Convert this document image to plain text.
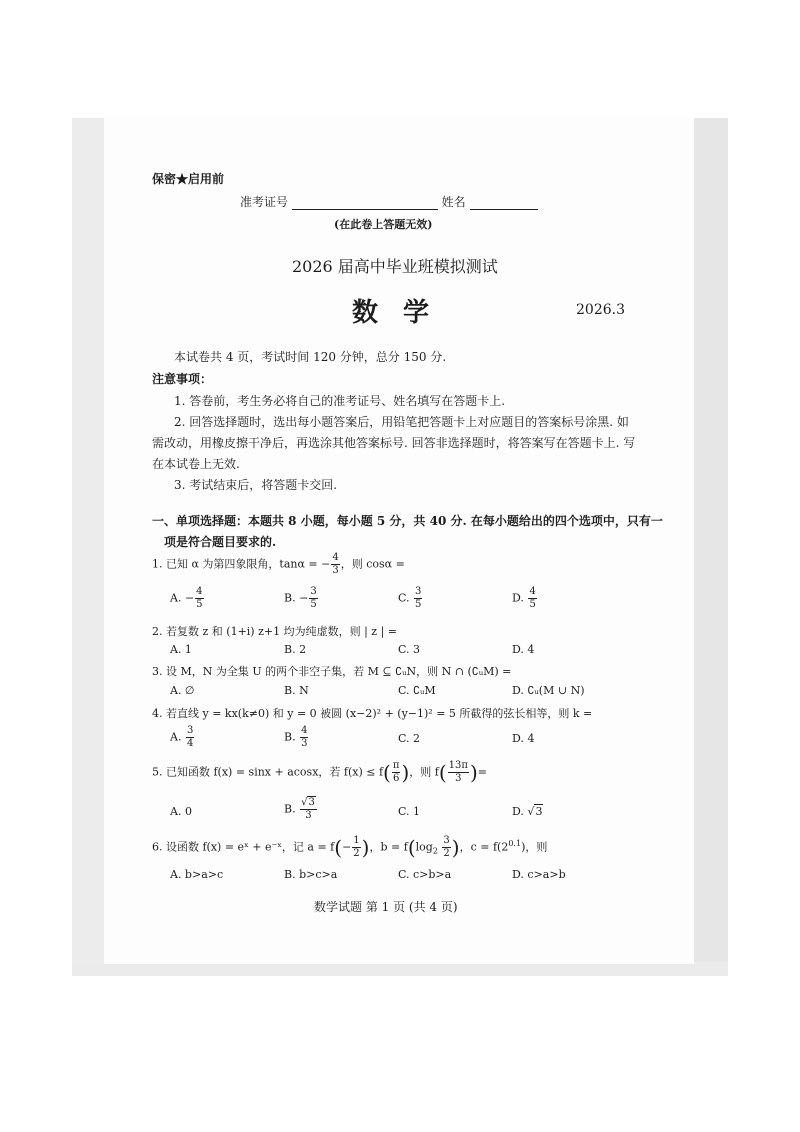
保密★启用前
准考证号	姓名
(在此卷上答题无效)
2026 届高中毕业班模拟测试
数 学	2026.3
本试卷共 4 页，考试时间 120 分钟，总分 150 分.
注意事项：
1. 答卷前，考生务必将自己的准考证号、姓名填写在答题卡上.
2. 回答选择题时，选出每小题答案后，用铅笔把答题卡上对应题目的答案标号涂黑. 如
需改动，用橡皮擦干净后，再选涂其他答案标号. 回答非选择题时，将答案写在答题卡上. 写
在本试卷上无效.
3. 考试结束后，将答题卡交回.
一、单项选择题：本题共 8 小题，每小题 5 分，共 40 分. 在每小题给出的四个选项中，只有一
项是符合题目要求的.
1. 已知 α 为第四象限角，tanα = − $\frac{4}{3}$ ，则 cosα =
A. − $\frac{4}{5}$	B. − $\frac{3}{5}$	C. $\frac{3}{5}$	D. $\frac{4}{5}$
2. 若复数 z 和 (1+i) z+1 均为纯虚数，则 | z | =
A. 1	B. 2	C. 3	D. 4
3. 设 M，N 为全集 U 的两个非空子集，若 M ⊆ ∁ᵤN，则 N ∩ (∁ᵤM) =
A. ∅	B. N	C. ∁ᵤM	D. ∁ᵤ(M ∪ N)
4. 若直线 y = kx(k≠0) 和 y = 0 被圆 (x−2)² + (y−1)² = 5 所截得的弦长相等，则 k =
A. $\frac{3}{4}$	B. $\frac{4}{3}$	C. 2	D. 4
5. 已知函数 f(x) = sinx + acosx，若 $f(x) \le f( \frac{\pi}{6}$ )，则 $f( \frac{13\pi}{3}$ )=
A. 0	B. $\frac{√3}{3}$	C. 1	D. √3
6. 设函数 f(x) = eˣ + e⁻ˣ，记 $a = f(- \frac{1}{2}$ )，$b = f(\log_2 \frac{3}{2}$ )，$c = f(2^{0.1})$，则
A. b>a>c	B. b>c>a	C. c>b>a	D. c>a>b
数学试题 第 1 页 (共 4 页)
